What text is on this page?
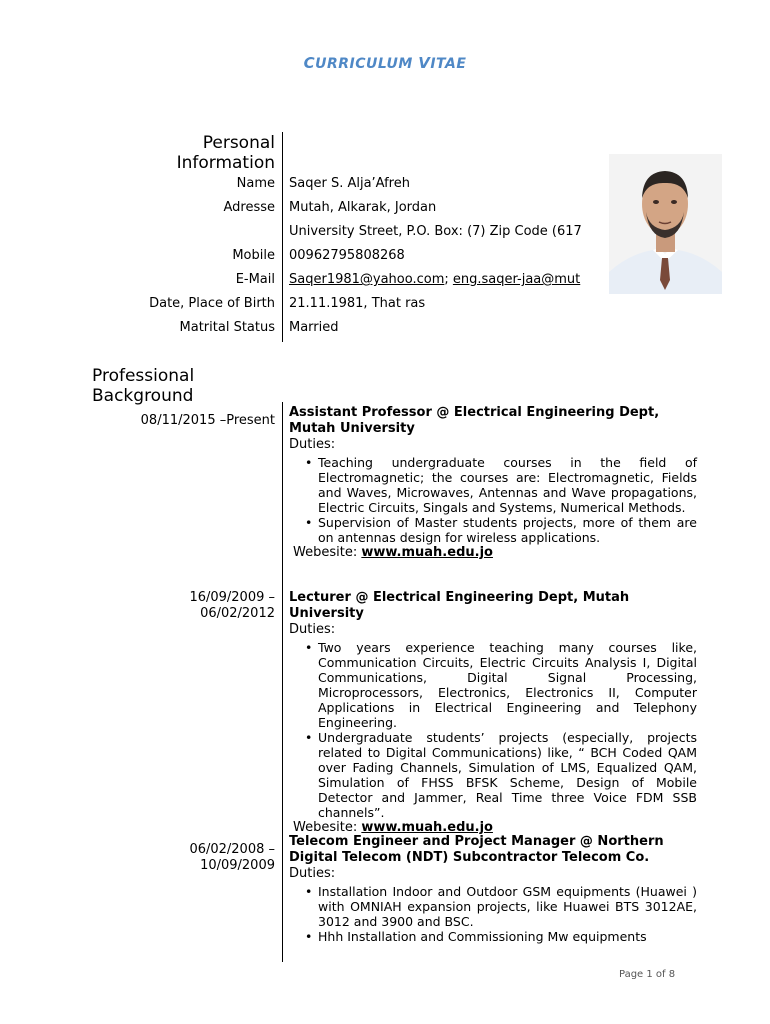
CURRICULUM VITAE
Personal
Information
Name Saqer S. Alja’Afreh
Adresse Mutah, Alkarak, Jordan
University Street, P.O. Box: (7) Zip Code (617
Mobile 00962795808268
E-Mail Saqer1981@yahoo.com; eng.saqer-jaa@mut
Date, Place of Birth 21.11.1981, That ras
Matrital Status Married
Professional
Background
08/11/2015 –Present
Assistant Professor @ Electrical Engineering Dept, Mutah University
Duties:
• Teaching undergraduate courses in the field of Electromagnetic; the courses are: Electromagnetic, Fields and Waves, Microwaves, Antennas and Wave propagations, Electric Circuits, Singals and Systems, Numerical Methods.
• Supervision of Master students projects, more of them are on antennas design for wireless applications.
Webesite: www.muah.edu.jo
16/09/2009 –
06/02/2012
Lecturer @ Electrical Engineering Dept, Mutah University
Duties:
• Two years experience teaching many courses like, Communication Circuits, Electric Circuits Analysis I, Digital Communications, Digital Signal Processing, Microprocessors, Electronics, Electronics II, Computer Applications in Electrical Engineering and Telephony Engineering.
• Undergraduate students’ projects (especially, projects related to Digital Communications) like, “ BCH Coded QAM over Fading Channels, Simulation of LMS, Equalized QAM, Simulation of FHSS BFSK Scheme, Design of Mobile Detector and Jammer, Real Time three Voice FDM SSB channels”.
Webesite: www.muah.edu.jo
06/02/2008 –
10/09/2009
Telecom Engineer and Project Manager @ Northern Digital Telecom (NDT) Subcontractor Telecom Co.
Duties:
• Installation Indoor and Outdoor GSM equipments (Huawei ) with OMNIAH expansion projects, like Huawei BTS 3012AE, 3012 and 3900 and BSC.
• Hhh Installation and Commissioning Mw equipments
Page 1 of 8
